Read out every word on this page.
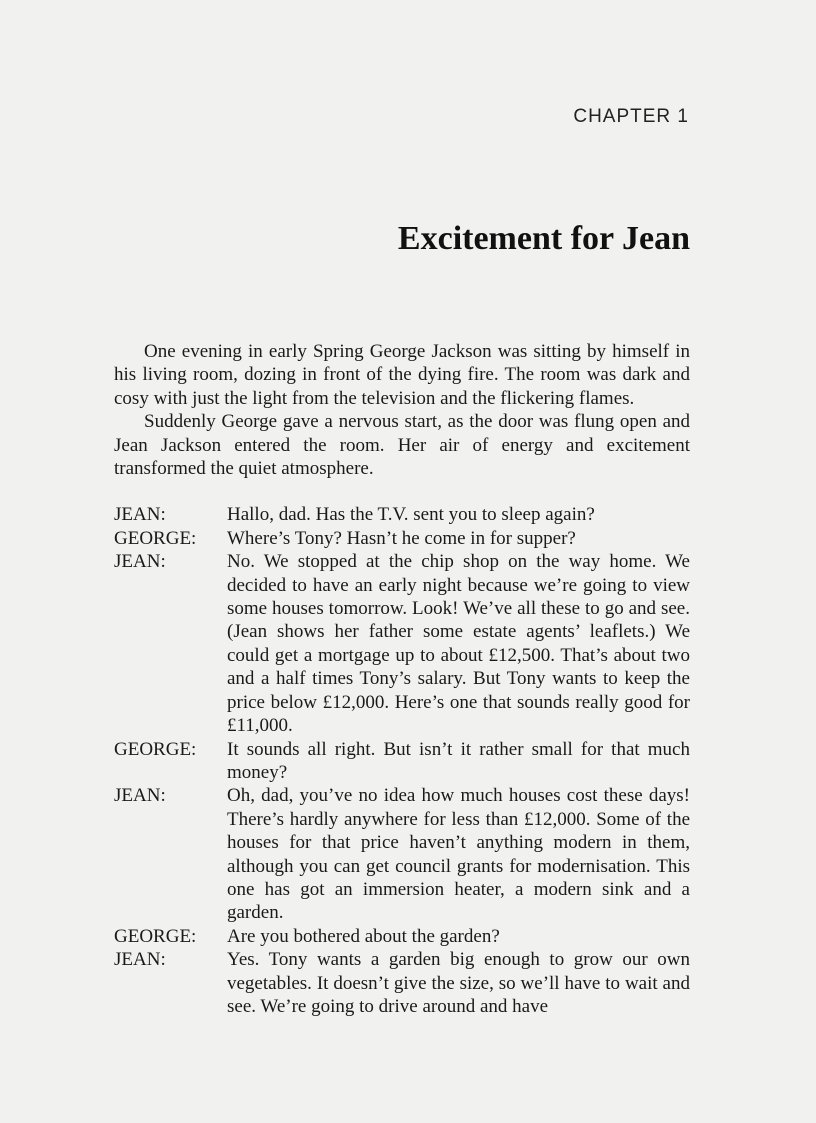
CHAPTER 1
Excitement for Jean

One evening in early Spring George Jackson was sitting by himself in his living room, dozing in front of the dying fire. The room was dark and cosy with just the light from the television and the flickering flames.

Suddenly George gave a nervous start, as the door was flung open and Jean Jackson entered the room. Her air of energy and excitement transformed the quiet atmosphere.

JEAN:	Hallo, dad. Has the T.V. sent you to sleep again?
GEORGE:	Where’s Tony? Hasn’t he come in for supper?
JEAN:	No. We stopped at the chip shop on the way home. We decided to have an early night because we’re going to view some houses tomorrow. Look! We’ve all these to go and see. (Jean shows her father some estate agents’ leaflets.) We could get a mortgage up to about £12,500. That’s about two and a half times Tony’s salary. But Tony wants to keep the price below £12,000. Here’s one that sounds really good for £11,000.
GEORGE:	It sounds all right. But isn’t it rather small for that much money?
JEAN:	Oh, dad, you’ve no idea how much houses cost these days! There’s hardly anywhere for less than £12,000. Some of the houses for that price haven’t anything modern in them, although you can get council grants for modernisation. This one has got an immersion heater, a modern sink and a garden.
GEORGE:	Are you bothered about the garden?
JEAN:	Yes. Tony wants a garden big enough to grow our own vegetables. It doesn’t give the size, so we’ll have to wait and see. We’re going to drive around and have
